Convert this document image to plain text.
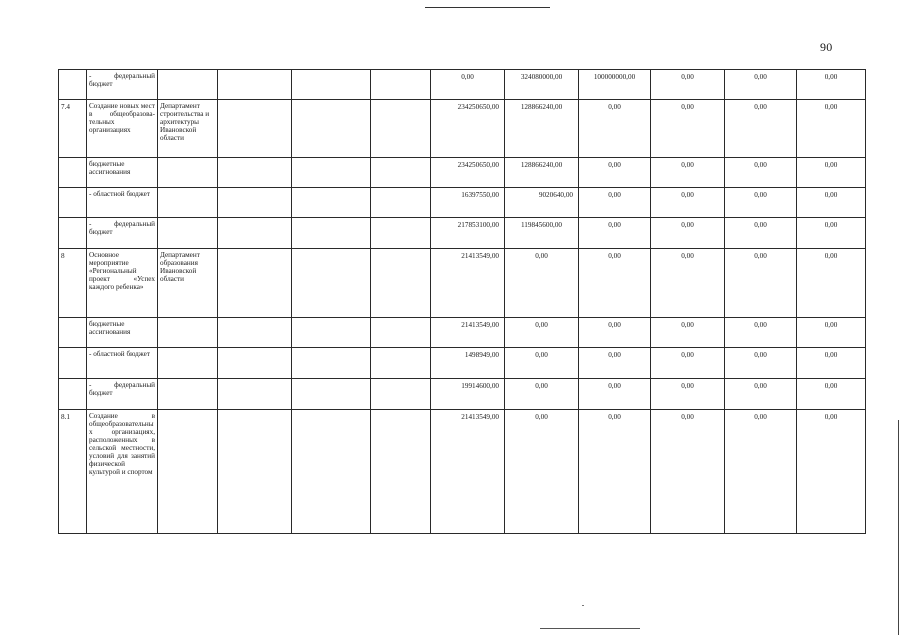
90
	- федеральный бюджет					0,00	324080000,00	100000000,00	0,00	0,00	0,00
7.4	Создание новых мест в общеобразова-тельных организациях	Департамент строительства и архитектуры Ивановской области				234250650,00	128866240,00	0,00	0,00	0,00	0,00
	бюджетные ассигнования					234250650,00	128866240,00	0,00	0,00	0,00	0,00
	- областной бюджет					16397550,00	9020640,00	0,00	0,00	0,00	0,00
	- федеральный бюджет					217853100,00	119845600,00	0,00	0,00	0,00	0,00
8	Основное мероприятие «Региональный проект «Успех каждого ребенка»	Департамент образования Ивановской области				21413549,00	0,00	0,00	0,00	0,00	0,00
	бюджетные ассигнования					21413549,00	0,00	0,00	0,00	0,00	0,00
	- областной бюджет					1498949,00	0,00	0,00	0,00	0,00	0,00
	- федеральный бюджет					19914600,00	0,00	0,00	0,00	0,00	0,00
8.1	Создание в общеобразовательных организациях, расположенных в сельской местности, условий для занятий физической культурой и спортом					21413549,00	0,00	0,00	0,00	0,00	0,00
